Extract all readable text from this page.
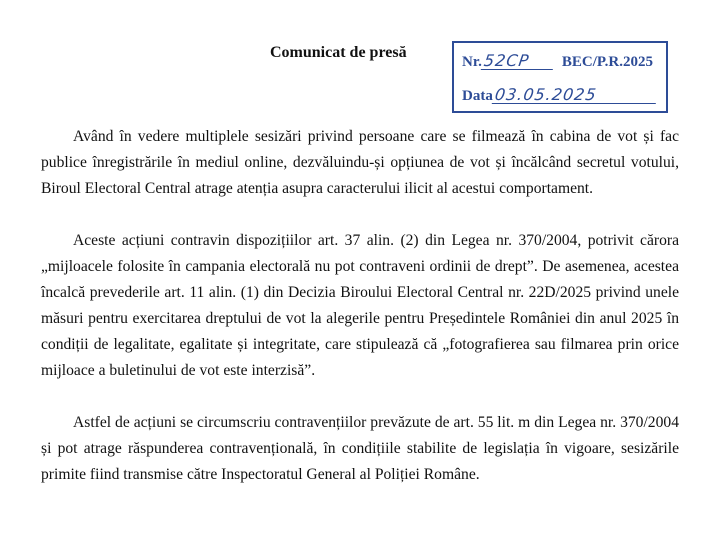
Comunicat de presă
Nr.52CP BEC/P.R.2025
Data03.05.2025

Având în vedere multiplele sesizări privind persoane care se filmează în cabina de vot și fac publice înregistrările în mediul online, dezvăluindu-și opțiunea de vot și încălcând secretul votului, Biroul Electoral Central atrage atenția asupra caracterului ilicit al acestui comportament.

Aceste acțiuni contravin dispozițiilor art. 37 alin. (2) din Legea nr. 370/2004, potrivit cărora „mijloacele folosite în campania electorală nu pot contraveni ordinii de drept”. De asemenea, acestea încalcă prevederile art. 11 alin. (1) din Decizia Biroului Electoral Central nr. 22D/2025 privind unele măsuri pentru exercitarea dreptului de vot la alegerile pentru Președintele României din anul 2025 în condiții de legalitate, egalitate și integritate, care stipulează că „fotografierea sau filmarea prin orice mijloace a buletinului de vot este interzisă”.

Astfel de acțiuni se circumscriu contravențiilor prevăzute de art. 55 lit. m din Legea nr. 370/2004 și pot atrage răspunderea contravențională, în condițiile stabilite de legislația în vigoare, sesizările primite fiind transmise către Inspectoratul General al Poliției Române.
